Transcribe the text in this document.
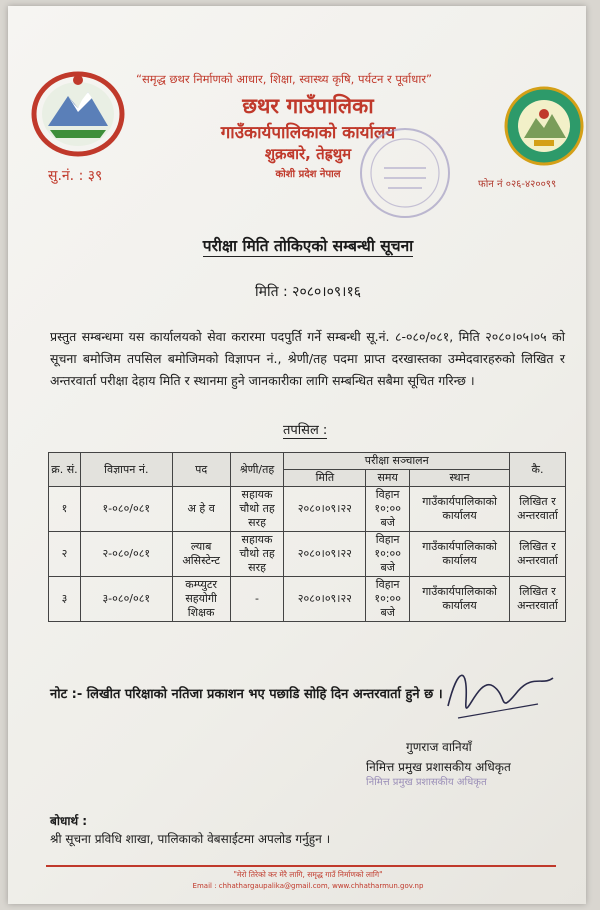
“समृद्ध छथर निर्माणको आधार, शिक्षा, स्वास्थ्य कृषि, पर्यटन र पूर्वाधार”
छथर गाउँपालिका
गाउँकार्यपालिकाको कार्यालय
शुक्रबारे, तेह्रथुम
कोशी प्रदेश नेपाल
सु.नं. : ३९
फोन नं ०२६-४२००९९
परीक्षा मिति तोकिएको सम्बन्धी सूचना
मिति : २०८०।०९।१६
प्रस्तुत सम्बन्धमा यस कार्यालयको सेवा करारमा पदपुर्ति गर्ने सम्बन्धी सू.नं. ८-०८०/०८१, मिति २०८०।०५।०५ को सूचना बमोजिम तपसिल बमोजिमको विज्ञापन नं., श्रेणी/तह पदमा प्राप्त दरखास्तका उम्मेदवारहरुको लिखित र अन्तरवार्ता परीक्षा देहाय मिति र स्थानमा हुने जानकारीका लागि सम्बन्धित सबैमा सूचित गरिन्छ ।
तपसिल :
क्र. सं.	विज्ञापन नं.	पद	श्रेणी/तह	परीक्षा सञ्चालन			कै.
				मिति	समय	स्थान	
१	१-०८०/०८१	अ हे व	सहायक चौथो तह सरह	२०८०।०९।२२	विहान १०:०० बजे	गाउँकार्यपालिकाको कार्यालय	लिखित र अन्तरवार्ता
२	२-०८०/०८१	ल्याब असिस्टेन्ट	सहायक चौथो तह सरह	२०८०।०९।२२	विहान १०:०० बजे	गाउँकार्यपालिकाको कार्यालय	लिखित र अन्तरवार्ता
३	३-०८०/०८१	कम्प्युटर सहयोगी शिक्षक	-	२०८०।०९।२२	विहान १०:०० बजे	गाउँकार्यपालिकाको कार्यालय	लिखित र अन्तरवार्ता
नोट :- लिखीत परिक्षाको नतिजा प्रकाशन भए पछाडि सोहि दिन अन्तरवार्ता हुने छ ।
गुणराज वानियाँ
निमित्त प्रमुख प्रशासकीय अधिकृत
निमित्त प्रमुख प्रशासकीय अधिकृत
बोधार्थ :
श्री सूचना प्रविधि शाखा, पालिकाको वेबसाईटमा अपलोड गर्नुहुन ।
"मेरो तिरेको कर मेरै लागि, समृद्ध गाउँ निर्माणको लागि"
Email : chhathargaupalika@gmail.com, www.chhatharmun.gov.np
